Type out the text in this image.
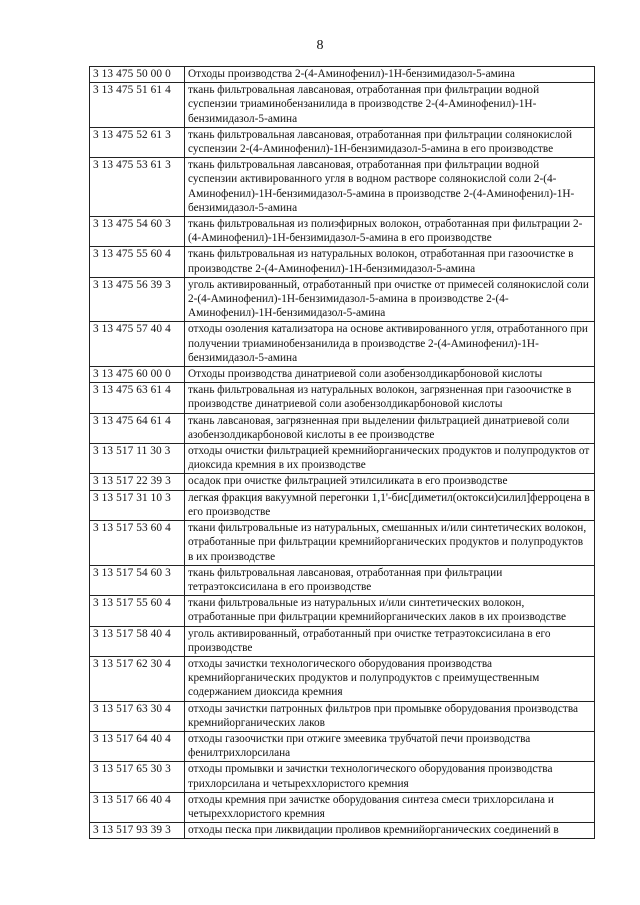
8
3 13 475 50 00 0	Отходы производства 2-(4-Аминофенил)-1Н-бензимидазол-5-амина
3 13 475 51 61 4	ткань фильтровальная лавсановая, отработанная при фильтрации водной суспензии триаминобензанилида в производстве 2-(4-Аминофенил)-1Н-бензимидазол-5-амина
3 13 475 52 61 3	ткань фильтровальная лавсановая, отработанная при фильтрации солянокислой суспензии 2-(4-Аминофенил)-1Н-бензимидазол-5-амина в его производстве
3 13 475 53 61 3	ткань фильтровальная лавсановая, отработанная при фильтрации водной суспензии активированного угля в водном растворе солянокислой соли 2-(4-Аминофенил)-1Н-бензимидазол-5-амина в производстве 2-(4-Аминофенил)-1Н-бензимидазол-5-амина
3 13 475 54 60 3	ткань фильтровальная из полиэфирных волокон, отработанная при фильтрации 2-(4-Аминофенил)-1Н-бензимидазол-5-амина в его производстве
3 13 475 55 60 4	ткань фильтровальная из натуральных волокон, отработанная при газоочистке в производстве 2-(4-Аминофенил)-1Н-бензимидазол-5-амина
3 13 475 56 39 3	уголь активированный, отработанный при очистке от примесей солянокислой соли 2-(4-Аминофенил)-1Н-бензимидазол-5-амина в производстве 2-(4-Аминофенил)-1Н-бензимидазол-5-амина
3 13 475 57 40 4	отходы озоления катализатора на основе активированного угля, отработанного при получении триаминобензанилида в производстве 2-(4-Аминофенил)-1Н-бензимидазол-5-амина
3 13 475 60 00 0	Отходы производства динатриевой соли азобензолдикарбоновой кислоты
3 13 475 63 61 4	ткань фильтровальная из натуральных волокон, загрязненная при газоочистке в производстве динатриевой соли азобензолдикарбоновой кислоты
3 13 475 64 61 4	ткань лавсановая, загрязненная при выделении фильтрацией динатриевой соли азобензолдикарбоновой кислоты в ее производстве
3 13 517 11 30 3	отходы очистки фильтрацией кремнийорганических продуктов и полупродуктов от диоксида кремния в их производстве
3 13 517 22 39 3	осадок при очистке фильтрацией этилсиликата в его производстве
3 13 517 31 10 3	легкая фракция вакуумной перегонки 1,1'-бис[диметил(октокси)силил]ферроцена в его производстве
3 13 517 53 60 4	ткани фильтровальные из натуральных, смешанных и/или синтетических волокон, отработанные при фильтрации кремнийорганических продуктов и полупродуктов в их производстве
3 13 517 54 60 3	ткань фильтровальная лавсановая, отработанная при фильтрации тетраэтоксисилана в его производстве
3 13 517 55 60 4	ткани фильтровальные из натуральных и/или синтетических волокон, отработанные при фильтрации кремнийорганических лаков в их производстве
3 13 517 58 40 4	уголь активированный, отработанный при очистке тетраэтоксисилана в его производстве
3 13 517 62 30 4	отходы зачистки технологического оборудования производства кремнийорганических продуктов и полупродуктов с преимущественным содержанием диоксида кремния
3 13 517 63 30 4	отходы зачистки патронных фильтров при промывке оборудования производства кремнийорганических лаков
3 13 517 64 40 4	отходы газоочистки при отжиге змеевика трубчатой печи производства фенилтрихлорсилана
3 13 517 65 30 3	отходы промывки и зачистки технологического оборудования производства трихлорсилана и четыреххлористого кремния
3 13 517 66 40 4	отходы кремния при зачистке оборудования синтеза смеси трихлорсилана и четыреххлористого кремния
3 13 517 93 39 3	отходы песка при ликвидации проливов кремнийорганических соединений в
